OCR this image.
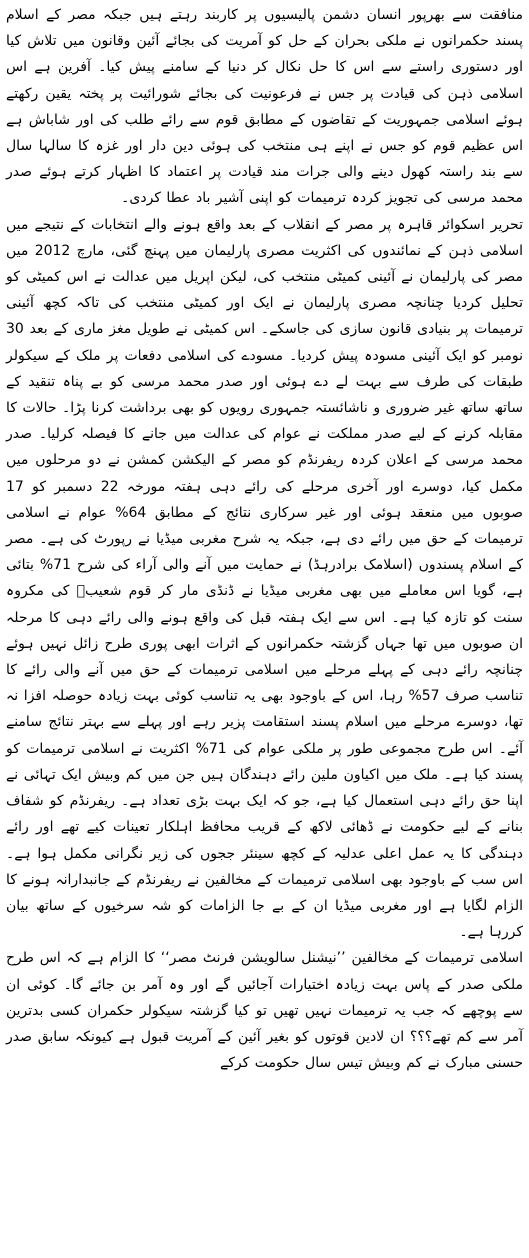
منافقت سے بھرپور انسان دشمن پالیسیوں پر کاربند رہتے ہیں جبکہ مصر کے اسلام پسند حکمرانوں نے ملکی بحران کے حل کو آمریت کی بجائے آئین وقانون میں تلاش کیا اور دستوری راستے سے اس کا حل نکال کر دنیا کے سامنے پیش کیا۔ آفرین ہے اس اسلامی ذہن کی قیادت پر جس نے فرعونیت کی بجائے شورائیت پر پختہ یقین رکھتے ہوئے اسلامی جمہوریت کے تقاضوں کے مطابق قوم سے رائے طلب کی اور شاباش ہے اس عظیم قوم کو جس نے اپنے ہی منتخب کی ہوئی دین دار اور غزہ کا سالہا سال سے بند راستہ کھول دینے والی جرات مند قیادت پر اعتماد کا اظہار کرتے ہوئے صدر محمد مرسی کی تجویز کردہ ترمیمات کو اپنی آشیر باد عطا کردی۔

تحریر اسکوائر قاہرہ پر مصر کے انقلاب کے بعد واقع ہونے والے انتخابات کے نتیجے میں اسلامی ذہن کے نمائندوں کی اکثریت مصری پارلیمان میں پہنچ گئی، مارچ 2012 میں مصر کی پارلیمان نے آئینی کمیٹی منتخب کی، لیکن اپریل میں عدالت نے اس کمیٹی کو تحلیل کردیا چنانچہ مصری پارلیمان نے ایک اور کمیٹی منتخب کی تاکہ کچھ آئینی ترمیمات پر بنیادی قانون سازی کی جاسکے۔ اس کمیٹی نے طویل مغز ماری کے بعد 30 نومبر کو ایک آئینی مسودہ پیش کردیا۔ مسودے کی اسلامی دفعات پر ملک کے سیکولر طبقات کی طرف سے بہت لے دے ہوئی اور صدر محمد مرسی کو بے پناہ تنقید کے ساتھ ساتھ غیر ضروری و ناشائستہ جمہوری رویوں کو بھی برداشت کرنا پڑا۔ حالات کا مقابلہ کرنے کے لیے صدر مملکت نے عوام کی عدالت میں جانے کا فیصلہ کرلیا۔ صدر محمد مرسی کے اعلان کردہ ریفرنڈم کو مصر کے الیکشن کمشن نے دو مرحلوں میں مکمل کیا، دوسرے اور آخری مرحلے کی رائے دہی ہفتہ مورخہ 22 دسمبر کو 17 صوبوں میں منعقد ہوئی اور غیر سرکاری نتائج کے مطابق 64% عوام نے اسلامی ترمیمات کے حق میں رائے دی ہے، جبکہ یہ شرح مغربی میڈیا نے رپورٹ کی ہے۔ مصر کے اسلام پسندوں (اسلامک برادرہڈ) نے حمایت میں آنے والی آراء کی شرح 71% بتائی ہے، گویا اس معاملے میں بھی مغربی میڈیا نے ڈنڈی مار کر قوم شعیبؑ کی مکروہ سنت کو تازہ کیا ہے۔ اس سے ایک ہفتہ قبل کی واقع ہونے والی رائے دہی کا مرحلہ ان صوبوں میں تھا جہاں گزشتہ حکمرانوں کے اثرات ابھی پوری طرح زائل نہیں ہوئے چنانچہ رائے دہی کے پہلے مرحلے میں اسلامی ترمیمات کے حق میں آنے والی رائے کا تناسب صرف 57% رہا، اس کے باوجود بھی یہ تناسب کوئی بہت زیادہ حوصلہ افزا نہ تھا، دوسرے مرحلے میں اسلام پسند استقامت پزیر رہے اور پہلے سے بہتر نتائج سامنے آئے۔ اس طرح مجموعی طور پر ملکی عوام کی 71% اکثریت نے اسلامی ترمیمات کو پسند کیا ہے۔ ملک میں اکیاون ملین رائے دہندگان ہیں جن میں کم وبیش ایک تہائی نے اپنا حق رائے دہی استعمال کیا ہے، جو کہ ایک بہت بڑی تعداد ہے۔ ریفرنڈم کو شفاف بنانے کے لیے حکومت نے ڈھائی لاکھ کے قریب محافظ اہلکار تعینات کیے تھے اور رائے دہندگی کا یہ عمل اعلی عدلیہ کے کچھ سینئر ججوں کی زیر نگرانی مکمل ہوا ہے۔ اس سب کے باوجود بھی اسلامی ترمیمات کے مخالفین نے ریفرنڈم کے جانبدارانہ ہونے کا الزام لگایا ہے اور مغربی میڈیا ان کے بے جا الزامات کو شہ سرخیوں کے ساتھ بیان کررہا ہے۔

اسلامی ترمیمات کے مخالفین ’’نیشنل سالویشن فرنٹ مصر‘‘ کا الزام ہے کہ اس طرح ملکی صدر کے پاس بہت زیادہ اختیارات آجائیں گے اور وہ آمر بن جائے گا۔ کوئی ان سے پوچھے کہ جب یہ ترمیمات نہیں تھیں تو کیا گزشتہ سیکولر حکمران کسی بدترین آمر سے کم تھے؟؟؟ ان لادین قوتوں کو بغیر آئین کے آمریت قبول ہے کیونکہ سابق صدر حسنی مبارک نے کم وبیش تیس سال حکومت کرکے
